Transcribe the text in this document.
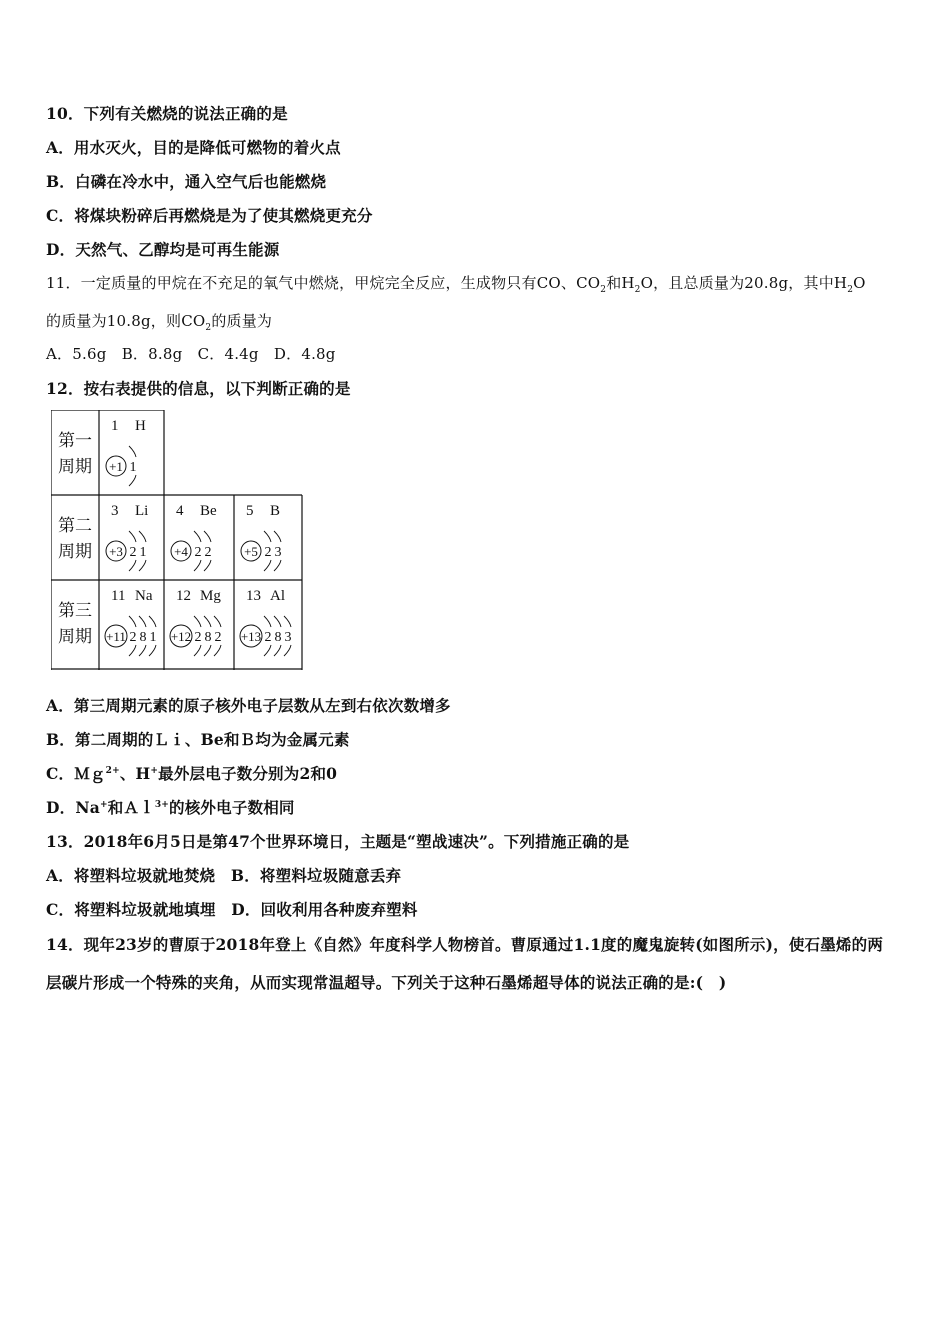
10．下列有关燃烧的说法正确的是
A．用水灭火，目的是降低可燃物的着火点
B．白磷在冷水中，通入空气后也能燃烧
C．将煤块粉碎后再燃烧是为了使其燃烧更充分
D．天然气、乙醇均是可再生能源
11．一定质量的甲烷在不充足的氧气中燃烧，甲烷完全反应，生成物只有CO、$CO_2$和$H_2O$，且总质量为20.8g，其中$H_2O$
的质量为10.8g，则$CO_2$的质量为
A．5.6g　B．8.8g　C．4.4g　D．4.8g
12．按右表提供的信息，以下判断正确的是
第一
周期
第二
周期
第三
周期
1 H
+1 1
3 Li
+3 2 1
4 Be
+4 2 2
5 B
+5 2 3
11 Na
+11 2 8 1
12 Mg
+12 2 8 2
13 Al
+13 2 8 3
A．第三周期元素的原子核外电子层数从左到右依次数增多
B．第二周期的Ｌｉ、Be和Ｂ均为金属元素
C．Ｍｇ$^{2+}$、H+最外层电子数分别为2和0
D．Na+和Ａｌ$^{3+}$的核外电子数相同
13．2018年6月5日是第47个世界环境日，主题是“塑战速决”。下列措施正确的是
A．将塑料垃圾就地焚烧　B．将塑料垃圾随意丢弃
C．将塑料垃圾就地填埋　D．回收利用各种废弃塑料
14．现年23岁的曹原于2018年登上《自然》年度科学人物榜首。曹原通过1.1度的魔鬼旋转(如图所示)，使石墨烯的两
层碳片形成一个特殊的夹角，从而实现常温超导。下列关于这种石墨烯超导体的说法正确的是:(　)
